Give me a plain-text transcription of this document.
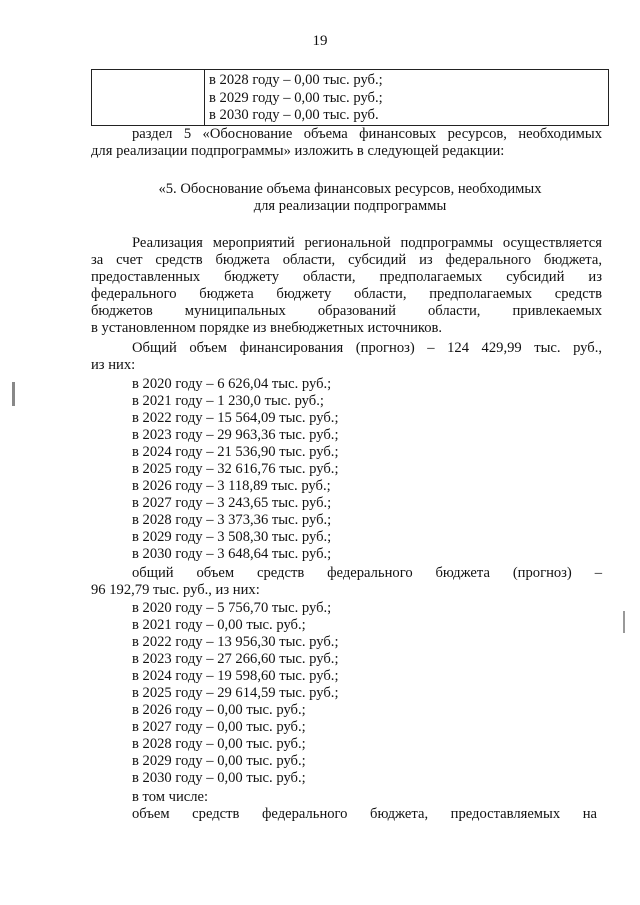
19

в 2028 году – 0,00 тыс. руб.;
в 2029 году – 0,00 тыс. руб.;
в 2030 году – 0,00 тыс. руб.
раздел 5 «Обоснование объема финансовых ресурсов, необходимых
для реализации подпрограммы» изложить в следующей редакции:
«5. Обоснование объема финансовых ресурсов, необходимых
для реализации подпрограммы
Реализация мероприятий региональной подпрограммы осуществляется
за счет средств бюджета области, субсидий из федерального бюджета,
предоставленных бюджету области, предполагаемых субсидий из
федерального бюджета бюджету области, предполагаемых средств
бюджетов муниципальных образований области, привлекаемых
в установленном порядке из внебюджетных источников.
Общий объем финансирования (прогноз) – 124 429,99 тыс. руб.,
из них:
в 2020 году – 6 626,04 тыс. руб.;
в 2021 году – 1 230,0 тыс. руб.;
в 2022 году – 15 564,09 тыс. руб.;
в 2023 году – 29 963,36 тыс. руб.;
в 2024 году – 21 536,90 тыс. руб.;
в 2025 году – 32 616,76 тыс. руб.;
в 2026 году – 3 118,89 тыс. руб.;
в 2027 году – 3 243,65 тыс. руб.;
в 2028 году – 3 373,36 тыс. руб.;
в 2029 году – 3 508,30 тыс. руб.;
в 2030 году – 3 648,64 тыс. руб.;
общий объем средств федерального бюджета (прогноз) –
96 192,79 тыс. руб., из них:
в 2020 году – 5 756,70 тыс. руб.;
в 2021 году – 0,00 тыс. руб.;
в 2022 году – 13 956,30 тыс. руб.;
в 2023 году – 27 266,60 тыс. руб.;
в 2024 году – 19 598,60 тыс. руб.;
в 2025 году – 29 614,59 тыс. руб.;
в 2026 году – 0,00 тыс. руб.;
в 2027 году – 0,00 тыс. руб.;
в 2028 году – 0,00 тыс. руб.;
в 2029 году – 0,00 тыс. руб.;
в 2030 году – 0,00 тыс. руб.;
в том числе:
объем средств федерального бюджета, предоставляемых на
